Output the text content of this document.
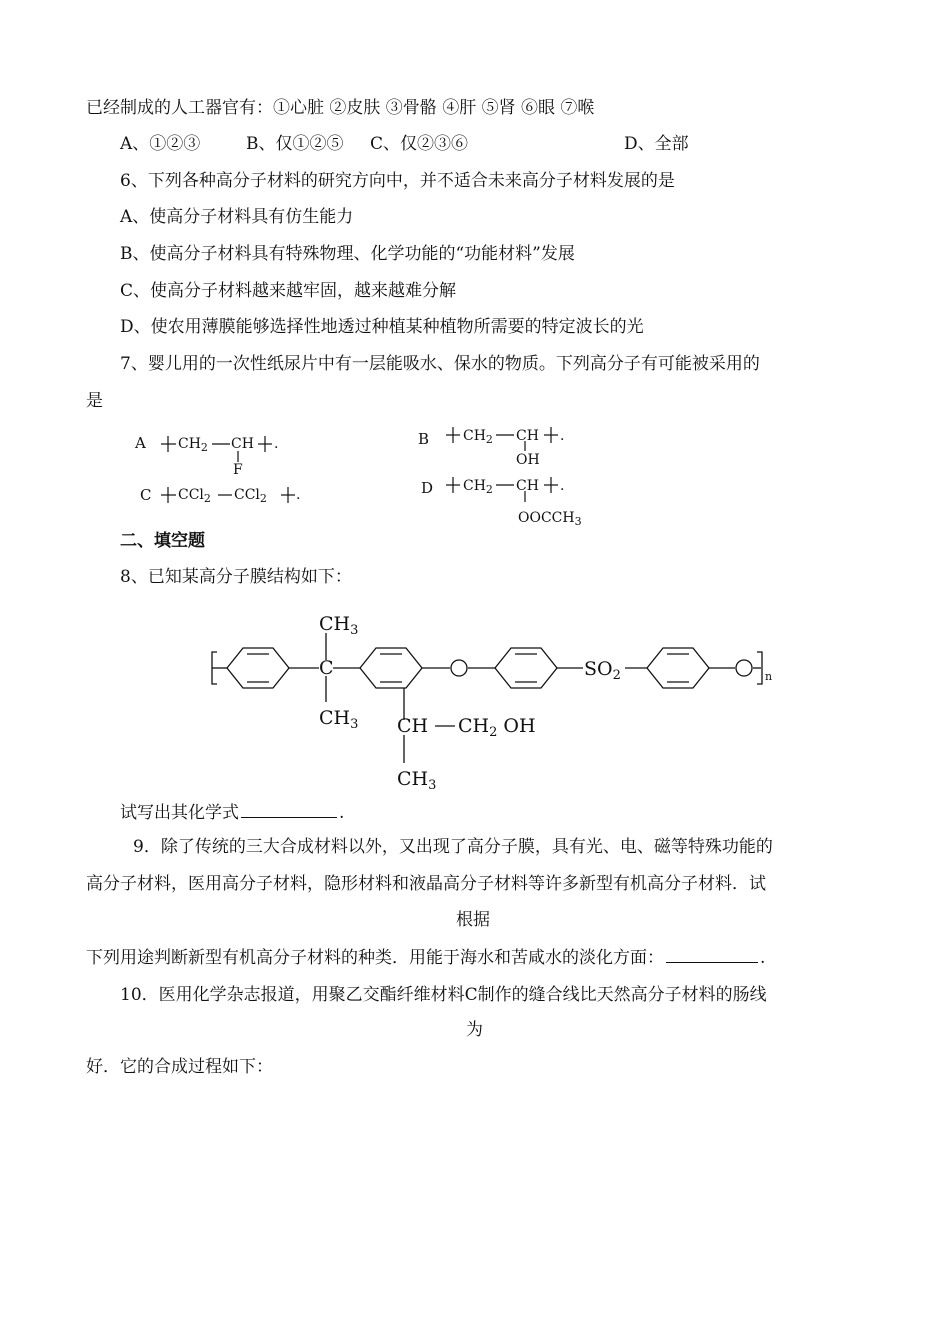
已经制成的人工器官有：①心脏 ②皮肤 ③骨骼 ④肝 ⑤肾 ⑥眼 ⑦喉
A、①②③	B、仅①②⑤ C、仅②③⑥	D、全部
6、下列各种高分子材料的研究方向中，并不适合未来高分子材料发展的是
A、使高分子材料具有仿生能力
B、使高分子材料具有特殊物理、化学功能的“功能材料”发展
C、使高分子材料越来越牢固，越来越难分解
D、使农用薄膜能够选择性地透过种植某种植物所需要的特定波长的光
7、婴儿用的一次性纸尿片中有一层能吸水、保水的物质。下列高分子有可能被采用的
是
A $CH_2$ CH
F
.
C CCl$_2$ CCl$_2$ .
B $CH_2$ CH
OH
.
D $CH_2$ CH
$OOCCH_3$
.
二、填空题
8、已知某高分子膜结构如下：
$CH_3$
C
$CH_3$
$SO_2$	n
CH $CH_2$ OH
$CH_3$
试写出其化学式	.
9．除了传统的三大合成材料以外，又出现了高分子膜，具有光、电、磁等特殊功能的
高分子材料，医用高分子材料，隐形材料和液晶高分子材料等许多新型有机高分子材料．试
根据
下列用途判断新型有机高分子材料的种类．用能于海水和苦咸水的淡化方面：	.
10．医用化学杂志报道，用聚乙交酯纤维材料C制作的缝合线比天然高分子材料的肠线
为
好．它的合成过程如下：
